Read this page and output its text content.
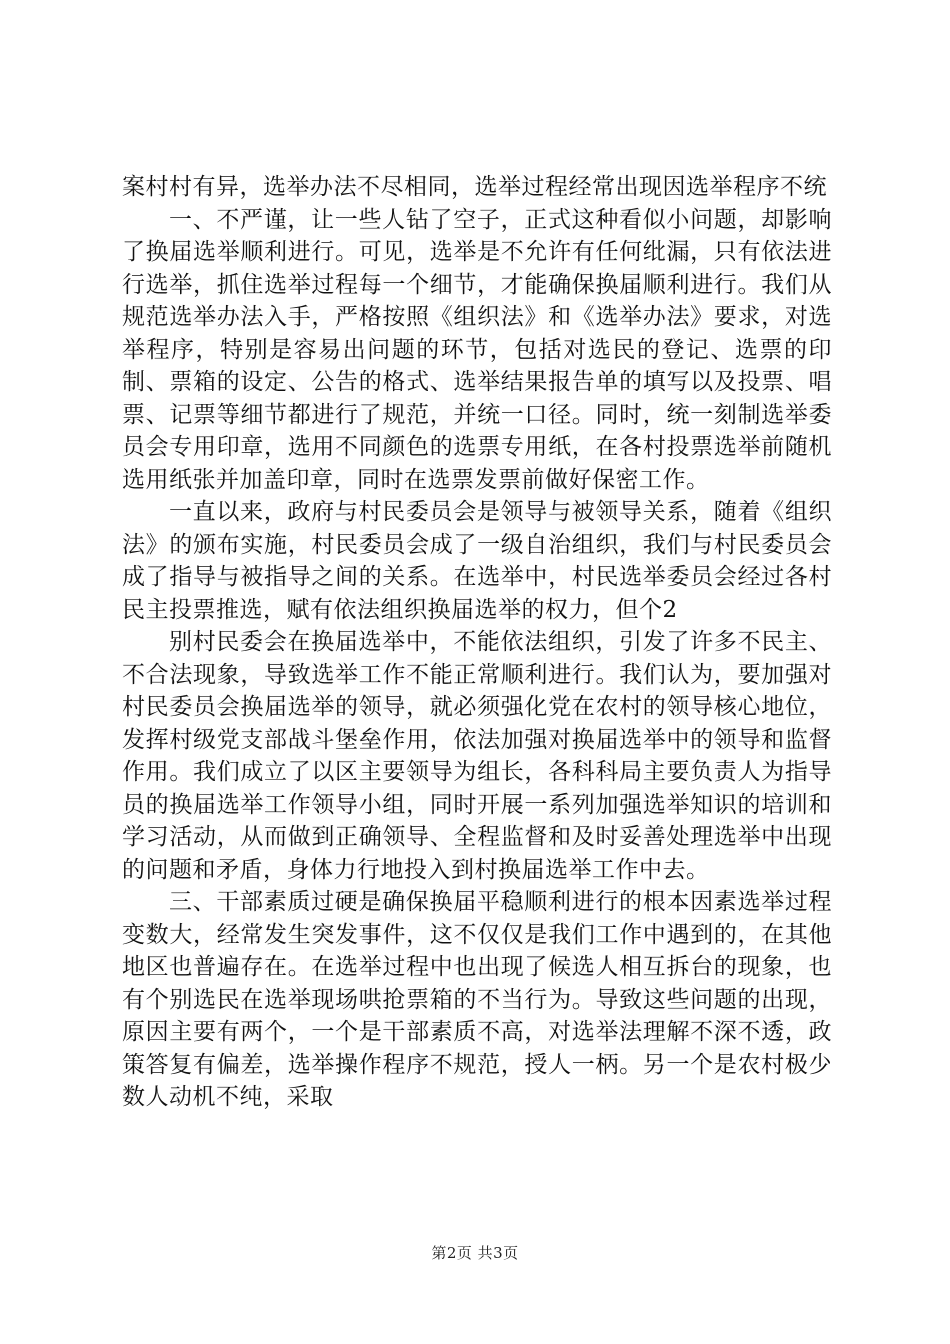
案村村有异，选举办法不尽相同，选举过程经常出现因选举程序不统

一、不严谨，让一些人钻了空子，正式这种看似小问题，却影响了换届选举顺利进行。可见，选举是不允许有任何纰漏，只有依法进行选举，抓住选举过程每一个细节，才能确保换届顺利进行。我们从规范选举办法入手，严格按照《组织法》和《选举办法》要求，对选举程序，特别是容易出问题的环节，包括对选民的登记、选票的印制、票箱的设定、公告的格式、选举结果报告单的填写以及投票、唱票、记票等细节都进行了规范，并统一口径。同时，统一刻制选举委员会专用印章，选用不同颜色的选票专用纸，在各村投票选举前随机选用纸张并加盖印章，同时在选票发票前做好保密工作。

一直以来，政府与村民委员会是领导与被领导关系，随着《组织法》的颁布实施，村民委员会成了一级自治组织，我们与村民委员会成了指导与被指导之间的关系。在选举中，村民选举委员会经过各村民主投票推选，赋有依法组织换届选举的权力，但个2

别村民委会在换届选举中，不能依法组织，引发了许多不民主、不合法现象，导致选举工作不能正常顺利进行。我们认为，要加强对村民委员会换届选举的领导，就必须强化党在农村的领导核心地位，发挥村级党支部战斗堡垒作用，依法加强对换届选举中的领导和监督作用。我们成立了以区主要领导为组长，各科科局主要负责人为指导员的换届选举工作领导小组，同时开展一系列加强选举知识的培训和学习活动，从而做到正确领导、全程监督和及时妥善处理选举中出现的问题和矛盾，身体力行地投入到村换届选举工作中去。

三、干部素质过硬是确保换届平稳顺利进行的根本因素选举过程变数大，经常发生突发事件，这不仅仅是我们工作中遇到的，在其他地区也普遍存在。在选举过程中也出现了候选人相互拆台的现象，也有个别选民在选举现场哄抢票箱的不当行为。导致这些问题的出现，原因主要有两个，一个是干部素质不高，对选举法理解不深不透，政策答复有偏差，选举操作程序不规范，授人一柄。另一个是农村极少数人动机不纯，采取

第2页 共3页
